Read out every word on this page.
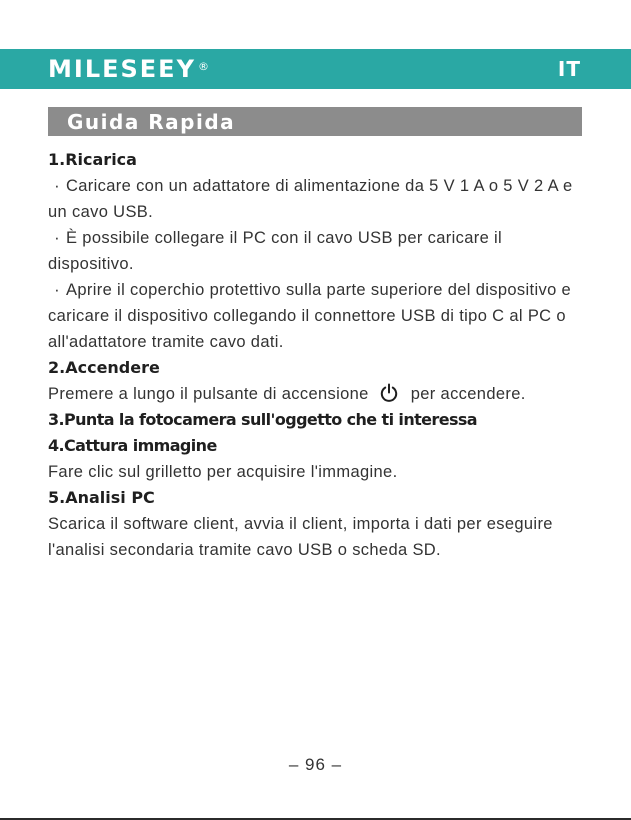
MILESEEY ®	IT
Guida Rapida
1.Ricarica
· Caricare con un adattatore di alimentazione da 5 V 1 A o 5 V 2 A e un cavo USB.
· È possibile collegare il PC con il cavo USB per caricare il dispositivo.
· Aprire il coperchio protettivo sulla parte superiore del dispositivo e caricare il dispositivo collegando il connettore USB di tipo C al PC o all'adattatore tramite cavo dati.
2.Accendere
Premere a lungo il pulsante di accensione	per accendere.
3.Punta la fotocamera sull'oggetto che ti interessa
4.Cattura immagine
Fare clic sul grilletto per acquisire l'immagine.
5.Analisi PC
Scarica il software client, avvia il client, importa i dati per eseguire l'analisi secondaria tramite cavo USB o scheda SD.
– 96 –
